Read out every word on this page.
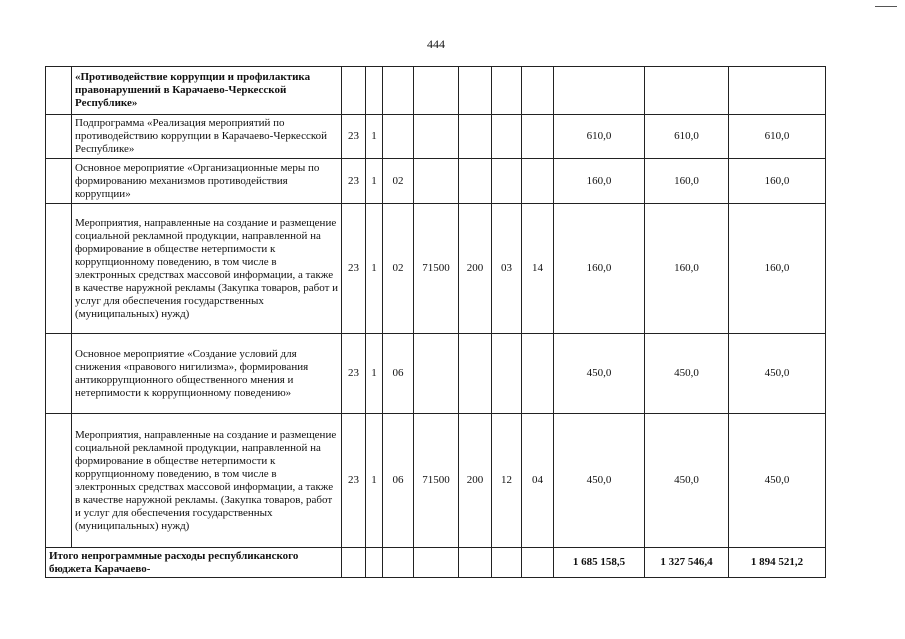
444
	«Противодействие коррупции и профилактика правонарушений в Карачаево-Черкесской Республике»										
	Подпрограмма «Реализация мероприятий по противодействию коррупции в Карачаево-Черкесской Республике»	23	1						610,0	610,0	610,0
	Основное мероприятие «Организационные меры по формированию механизмов противодействия коррупции»	23	1	02					160,0	160,0	160,0
	Мероприятия, направленные на создание и размещение социальной рекламной продукции, направленной на формирование в обществе нетерпимости к коррупционному поведению, в том числе в электронных средствах массовой информации, а также в качестве наружной рекламы (Закупка товаров, работ и услуг для обеспечения государственных (муниципальных) нужд)	23	1	02	71500	200	03	14	160,0	160,0	160,0
	Основное мероприятие «Создание условий для снижения «правового нигилизма», формирования антикоррупционного общественного мнения и нетерпимости к коррупционному поведению»	23	1	06					450,0	450,0	450,0
	Мероприятия, направленные на создание и размещение социальной рекламной продукции, направленной на формирование в обществе нетерпимости к коррупционному поведению, в том числе в электронных средствах массовой информации, а также в качестве наружной рекламы. (Закупка товаров, работ и услуг для обеспечения государственных (муниципальных) нужд)	23	1	06	71500	200	12	04	450,0	450,0	450,0
Итого непрограммные расходы республиканского бюджета Карачаево-									1 685 158,5	1 327 546,4	1 894 521,2
